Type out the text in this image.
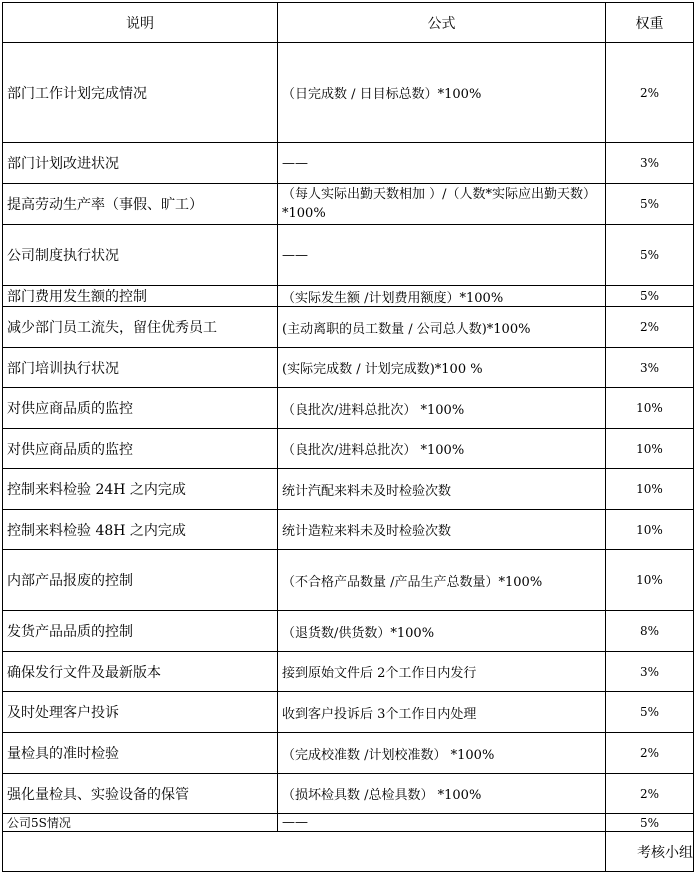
说明	公式	权重
部门工作计划完成情况	（日完成数 / 日目标总数）*100%	2%
部门计划改进状况	——	3%
提高劳动生产率（事假、旷工）	（每人实际出勤天数相加 ）/（人数*实际应出勤天数）*100%	5%
公司制度执行状况	——	5%
部门费用发生额的控制	（实际发生额 /计划费用额度）*100%	5%
减少部门员工流失，留住优秀员工	(主动离职的员工数量 / 公司总人数)*100%	2%
部门培训执行状况	(实际完成数 / 计划完成数)*100 %	3%
对供应商品质的监控	（良批次/进料总批次） *100%	10%
对供应商品质的监控	（良批次/进料总批次） *100%	10%
控制来料检验 24H 之内完成	统计汽配来料未及时检验次数	10%
控制来料检验 48H 之内完成	统计造粒来料未及时检验次数	10%
内部产品报废的控制	（不合格产品数量 /产品生产总数量）*100%	10%
发货产品品质的控制	（退货数/供货数）*100%	8%
确保发行文件及最新版本	接到原始文件后 2个工作日内发行	3%
及时处理客户投诉	收到客户投诉后 3个工作日内处理	5%
量检具的准时检验	（完成校准数 /计划校准数） *100%	2%
强化量检具、实验设备的保管	（损坏检具数 /总检具数） *100%	2%
公司5S情况	——	5%
		考核小组
